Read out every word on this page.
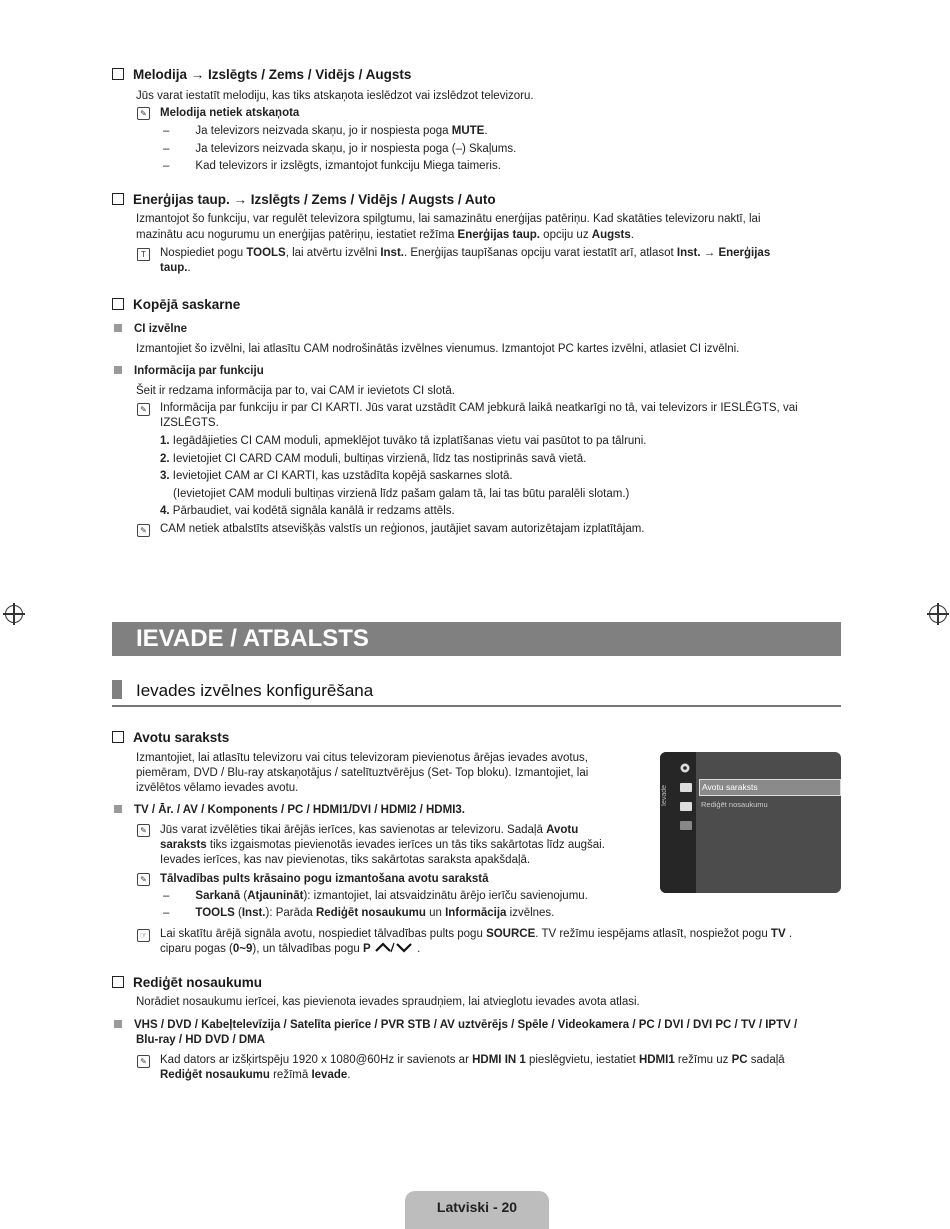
Melodija → Izslēgts / Zems / Vidējs / Augsts
Jūs varat iestatīt melodiju, kas tiks atskaņota ieslēdzot vai izslēdzot televizoru.
✎ Melodija netiek atskaņota
– Ja televizors neizvada skaņu, jo ir nospiesta poga MUTE.
– Ja televizors neizvada skaņu, jo ir nospiesta poga (–) Skaļums.
– Kad televizors ir izslēgts, izmantojot funkciju Miega taimeris.
Enerģijas taup. → Izslēgts / Zems / Vidējs / Augsts / Auto
Izmantojot šo funkciju, var regulēt televizora spilgtumu, lai samazinātu enerģijas patēriņu. Kad skatāties televizoru naktī, lai
mazinātu acu nogurumu un enerģijas patēriņu, iestatiet režīma Enerģijas taup. opciju uz Augsts.
T	Nospiediet pogu TOOLS, lai atvērtu izvēlni Inst.. Enerģijas taupīšanas opciju varat iestatīt arī, atlasot Inst. → Enerģijas
taup..
Kopējā saskarne
CI izvēlne
Izmantojiet šo izvēlni, lai atlasītu CAM nodrošinātās izvēlnes vienumus. Izmantojot PC kartes izvēlni, atlasiet CI izvēlni.
Informācija par funkciju
Šeit ir redzama informācija par to, vai CAM ir ievietots CI slotā.
✎ Informācija par funkciju ir par CI KARTI. Jūs varat uzstādīt CAM jebkurā laikā neatkarīgi no tā, vai televizors ir IESLĒGTS, vai
IZSLĒGTS.
1. Iegādājieties CI CAM moduli, apmeklējot tuvāko tā izplatīšanas vietu vai pasūtot to pa tālruni.
2. Ievietojiet CI CARD CAM moduli, bultiņas virzienā, līdz tas nostiprinās savā vietā.
3. Ievietojiet CAM ar CI KARTI, kas uzstādīta kopējā saskarnes slotā.
(Ievietojiet CAM moduli bultiņas virzienā līdz pašam galam tā, lai tas būtu paralēli slotam.)
4. Pārbaudiet, vai kodētā signāla kanālā ir redzams attēls.
✎ CAM netiek atbalstīts atsevišķās valstīs un reģionos, jautājiet savam autorizētajam izplatītājam.
IEVADE / ATBALSTS
Ievades izvēlnes konfigurēšana
Avotu saraksts
Izmantojiet, lai atlasītu televizoru vai citus televizoram pievienotus ārējas ievades avotus,
piemēram, DVD / Blu-ray atskaņotājus / satelītuztvērējus (Set- Top bloku). Izmantojiet, lai
izvēlētos vēlamo ievades avotu.
TV / Ār. / AV / Komponents / PC / HDMI1/DVI / HDMI2 / HDMI3.
✎ Jūs varat izvēlēties tikai ārējās ierīces, kas savienotas ar televizoru. Sadaļā Avotu
saraksts tiks izgaismotas pievienotās ievades ierīces un tās tiks sakārtotas līdz augšai.
Ievades ierīces, kas nav pievienotas, tiks sakārtotas saraksta apakšdaļā.
✎ Tālvadības pults krāsaino pogu izmantošana avotu sarakstā
– Sarkanā (Atjaunināt): izmantojiet, lai atsvaidzinātu ārējo ierīču savienojumu.
– TOOLS (Inst.): Parāda Rediģēt nosaukumu un Informācija izvēlnes.
☞ Lai skatītu ārējā signāla avotu, nospiediet tālvadības pults pogu SOURCE. TV režīmu iespējams atlasīt, nospiežot pogu TV .
ciparu pogas (0~9), un tālvadības pogu P	.
Ievade	Avotu saraksts
Rediģēt nosaukumu
Rediģēt nosaukumu
Norādiet nosaukumu ierīcei, kas pievienota ievades spraudņiem, lai atvieglotu ievades avota atlasi.
VHS / DVD / Kabeļtelevīzija / Satelīta pierīce / PVR STB / AV uztvērējs / Spēle / Videokamera / PC / DVI / DVI PC / TV / IPTV /
Blu-ray / HD DVD / DMA
✎ Kad dators ar izšķirtspēju 1920 x 1080@60Hz ir savienots ar HDMI IN 1 pieslēgvietu, iestatiet HDMI1 režīmu uz PC sadaļā
Rediģēt nosaukumu režīmā Ievade.
Latviski - 20
